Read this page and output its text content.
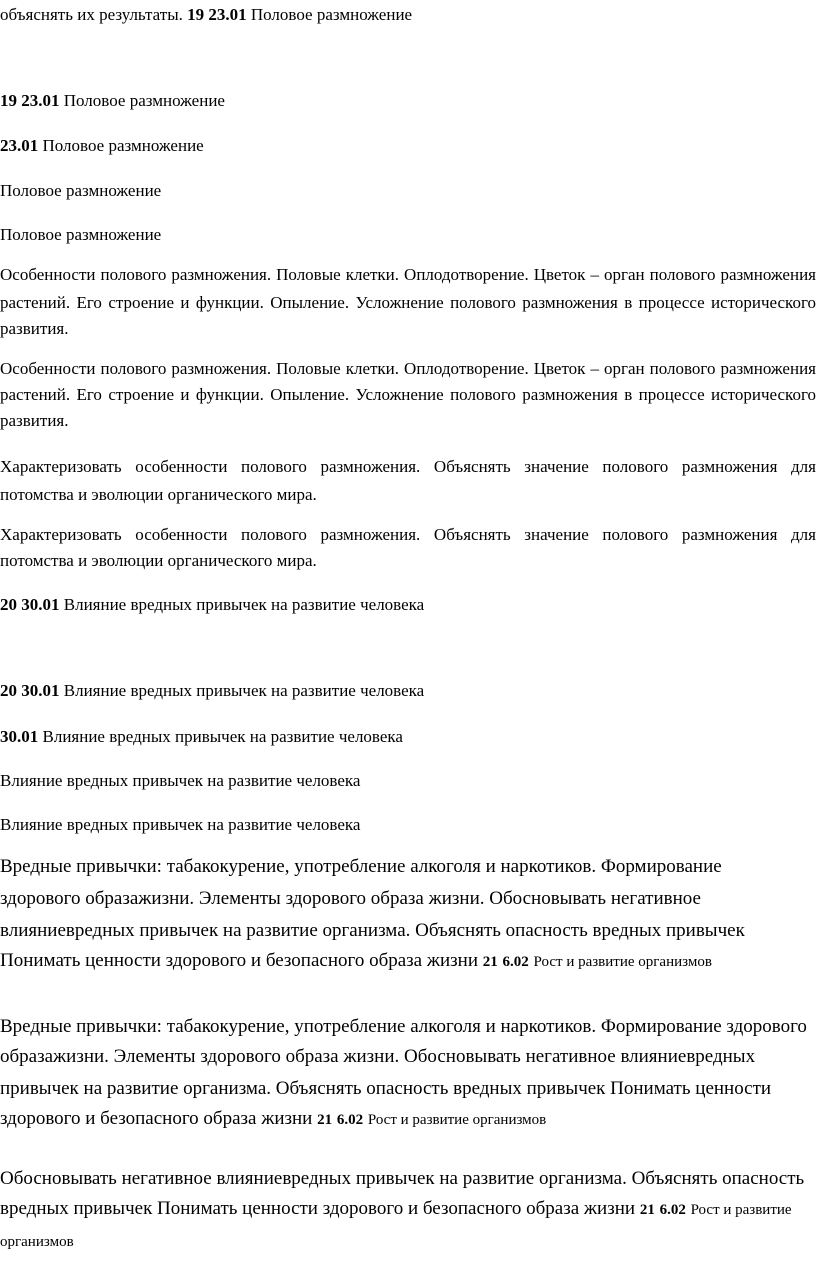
объяснять их результаты. 19 23.01 Половое размножение

19 23.01 Половое размножение

23.01 Половое размножение

Половое размножение

Половое размножение

Особенности полового размножения. Половые клетки. Оплодотворение. Цветок – орган полового размножения растений. Его строение и функции. Опыление. Усложнение полового размножения в процессе исторического развития.

Особенности полового размножения. Половые клетки. Оплодотворение. Цветок – орган полового размножения растений. Его строение и функции. Опыление. Усложнение полового размножения в процессе исторического развития.

Характеризовать особенности полового размножения. Объяснять значение полового размножения для потомства и эволюции органического мира.

Характеризовать особенности полового размножения. Объяснять значение полового размножения для потомства и эволюции органического мира.

20 30.01 Влияние вредных привычек на развитие человека

20 30.01 Влияние вредных привычек на развитие человека

30.01 Влияние вредных привычек на развитие человека

Влияние вредных привычек на развитие человека

Влияние вредных привычек на развитие человека

Вредные привычки: табакокурение, употребление алкоголя и наркотиков. Формирование здорового образажизни. Элементы здорового образа жизни. Обосновывать негативное влияниевредных привычек на развитие организма. Объяснять опасность вредных привычек Понимать ценности здорового и безопасного образа жизни 21 6.02 Рост и развитие организмов

Вредные привычки: табакокурение, употребление алкоголя и наркотиков. Формирование здорового образажизни. Элементы здорового образа жизни. Обосновывать негативное влияниевредных привычек на развитие организма. Объяснять опасность вредных привычек Понимать ценности здорового и безопасного образа жизни 21 6.02 Рост и развитие организмов

Обосновывать негативное влияниевредных привычек на развитие организма. Объяснять опасность вредных привычек Понимать ценности здорового и безопасного образа жизни 21 6.02 Рост и развитие организмов
